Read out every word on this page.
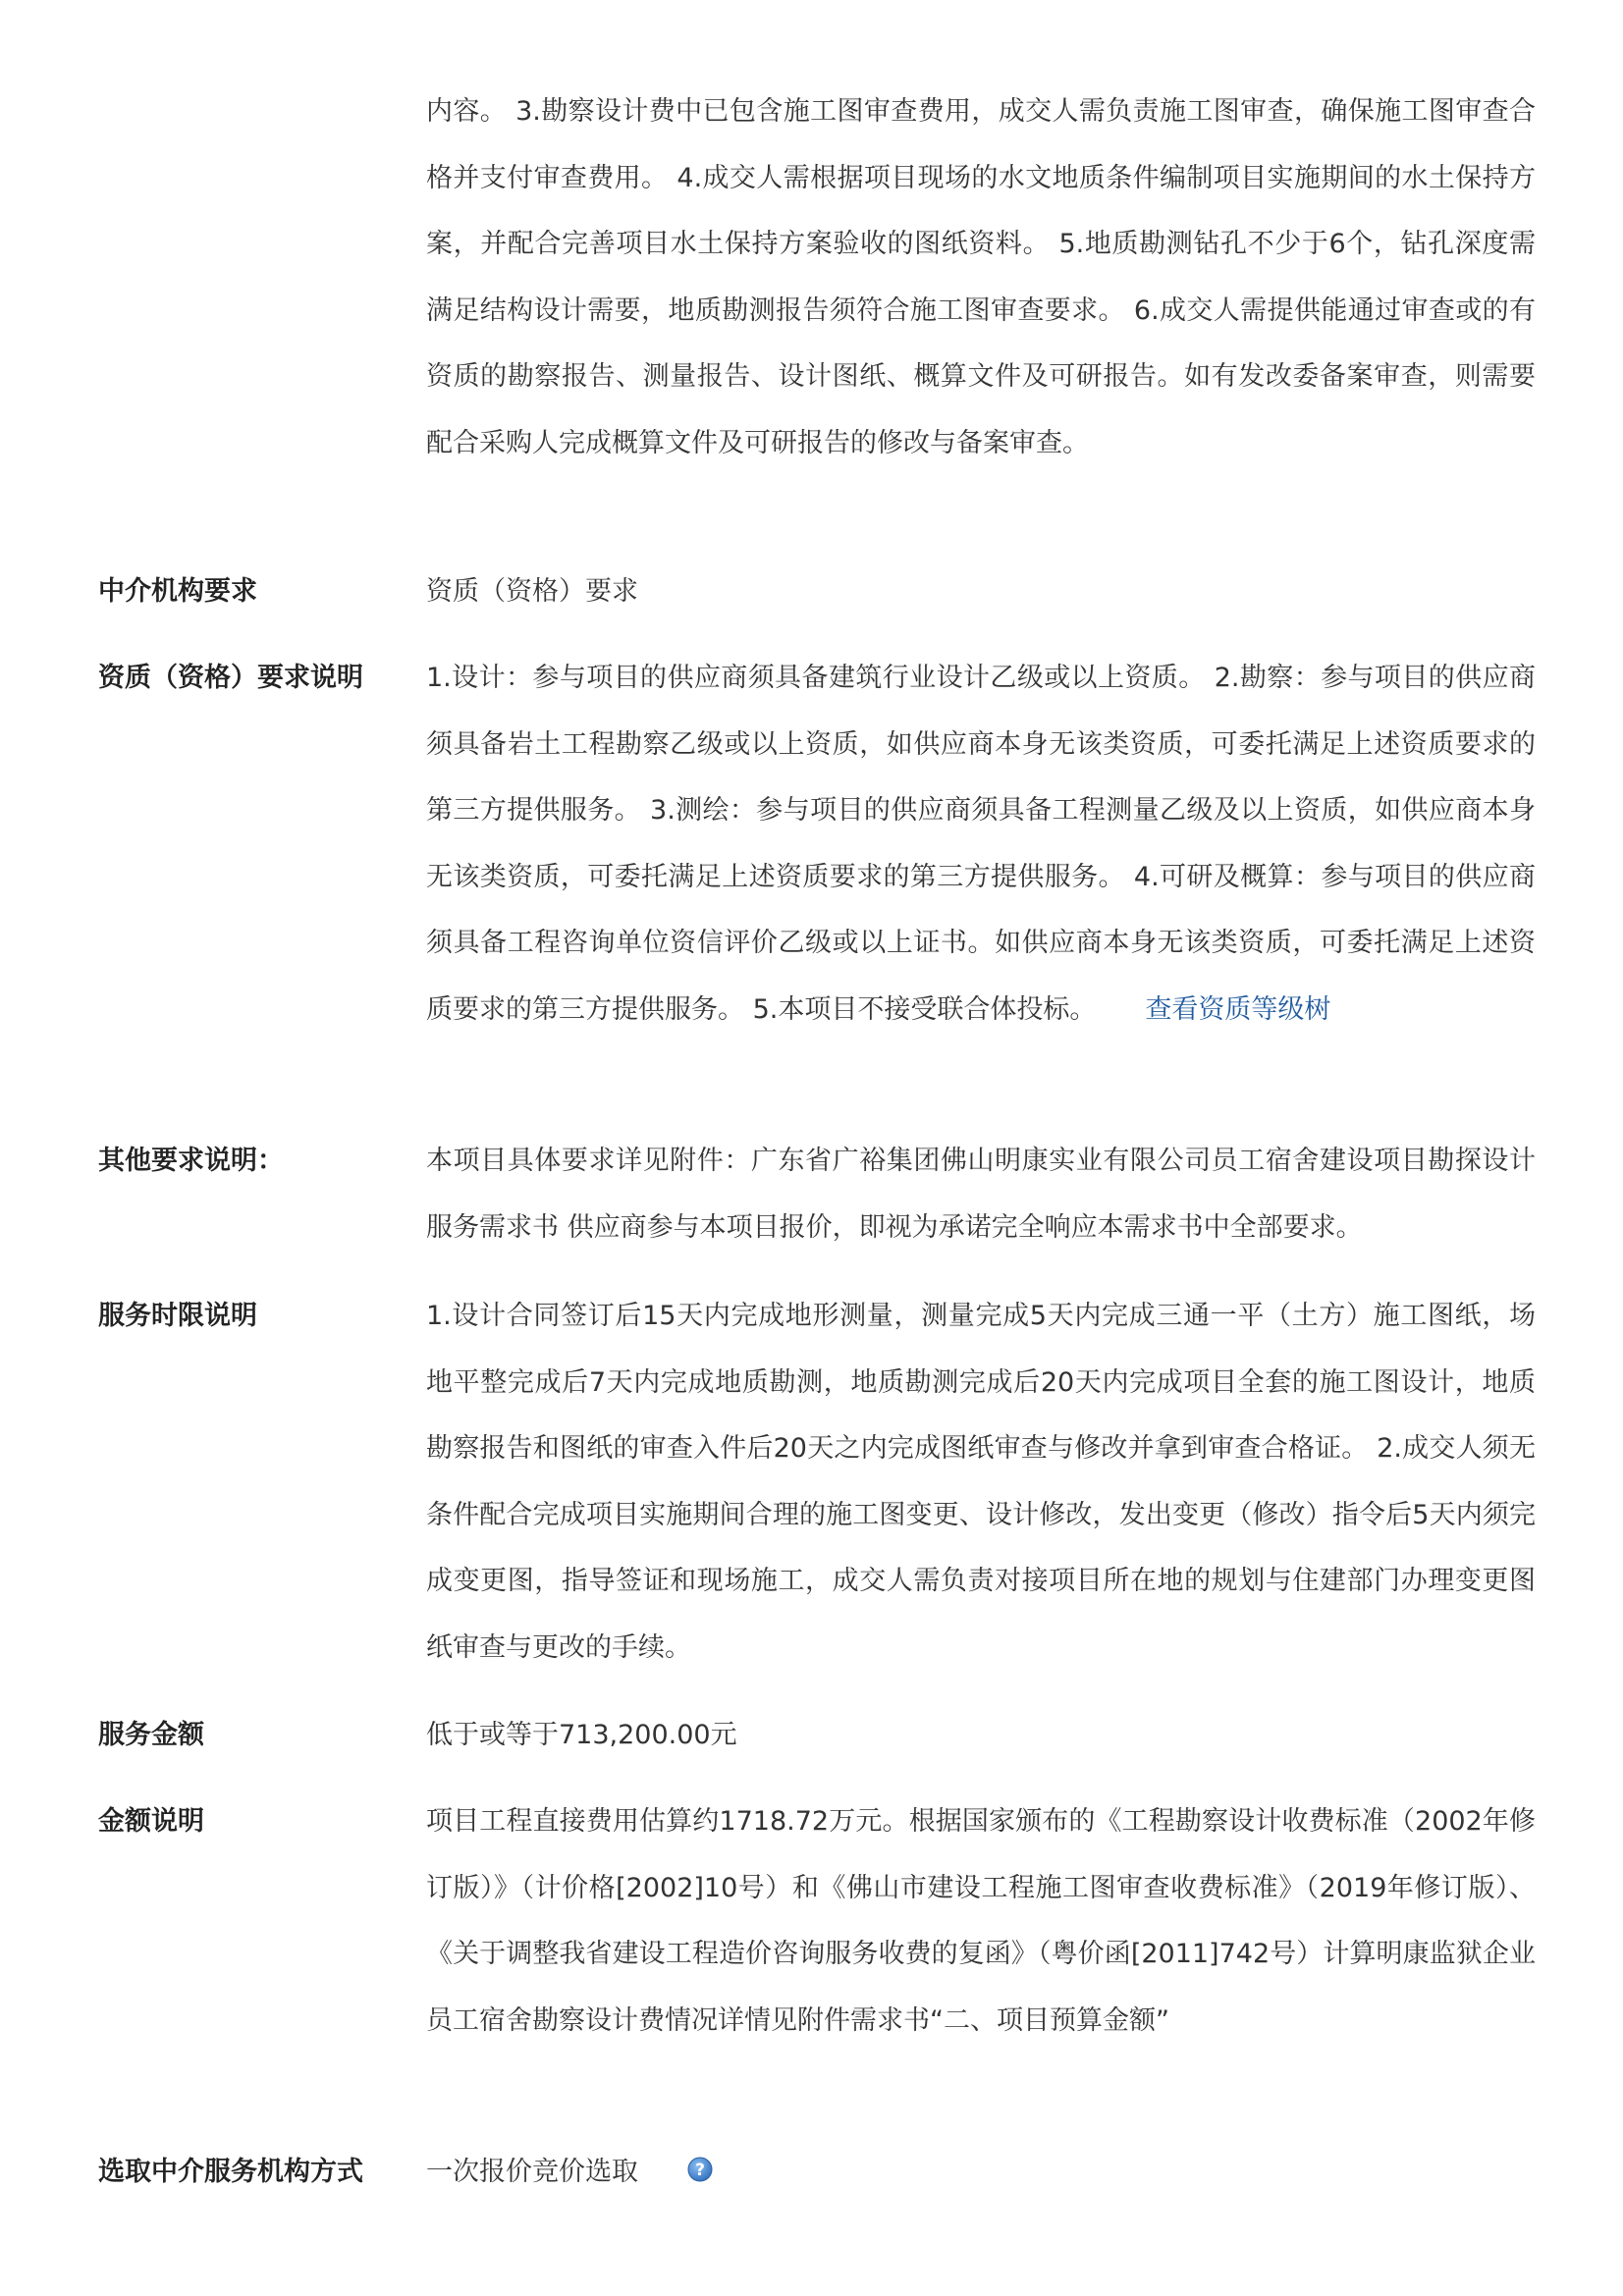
内容。 3.勘察设计费中已包含施工图审查费用，成交人需负责施工图审查，确保施工图审查合格并支付审查费用。 4.成交人需根据项目现场的水文地质条件编制项目实施期间的水土保持方案，并配合完善项目水土保持方案验收的图纸资料。 5.地质勘测钻孔不少于6个，钻孔深度需满足结构设计需要，地质勘测报告须符合施工图审查要求。 6.成交人需提供能通过审查或的有资质的勘察报告、测量报告、设计图纸、概算文件及可研报告。如有发改委备案审查，则需要配合采购人完成概算文件及可研报告的修改与备案审查。
中介机构要求	资质（资格）要求
资质（资格）要求说明	1.设计：参与项目的供应商须具备建筑行业设计乙级或以上资质。 2.勘察：参与项目的供应商须具备岩土工程勘察乙级或以上资质，如供应商本身无该类资质，可委托满足上述资质要求的第三方提供服务。 3.测绘：参与项目的供应商须具备工程测量乙级及以上资质，如供应商本身无该类资质，可委托满足上述资质要求的第三方提供服务。 4.可研及概算：参与项目的供应商须具备工程咨询单位资信评价乙级或以上证书。如供应商本身无该类资质，可委托满足上述资质要求的第三方提供服务。 5.本项目不接受联合体投标。 查看资质等级树
其他要求说明：	本项目具体要求详见附件：广东省广裕集团佛山明康实业有限公司员工宿舍建设项目勘探设计服务需求书 供应商参与本项目报价，即视为承诺完全响应本需求书中全部要求。
服务时限说明	1.设计合同签订后15天内完成地形测量，测量完成5天内完成三通一平（土方）施工图纸，场地平整完成后7天内完成地质勘测，地质勘测完成后20天内完成项目全套的施工图设计，地质勘察报告和图纸的审查入件后20天之内完成图纸审查与修改并拿到审查合格证。 2.成交人须无条件配合完成项目实施期间合理的施工图变更、设计修改，发出变更（修改）指令后5天内须完成变更图，指导签证和现场施工，成交人需负责对接项目所在地的规划与住建部门办理变更图纸审查与更改的手续。
服务金额	低于或等于713,200.00元
金额说明	项目工程直接费用估算约1718.72万元。根据国家颁布的《工程勘察设计收费标准（2002年修订版）》（计价格[2002]10号）和《佛山市建设工程施工图审查收费标准》（2019年修订版）、《关于调整我省建设工程造价咨询服务收费的复函》（粤价函[2011]742号）计算明康监狱企业员工宿舍勘察设计费情况详情见附件需求书“二、项目预算金额”
选取中介服务机构方式	一次报价竞价选取	?
